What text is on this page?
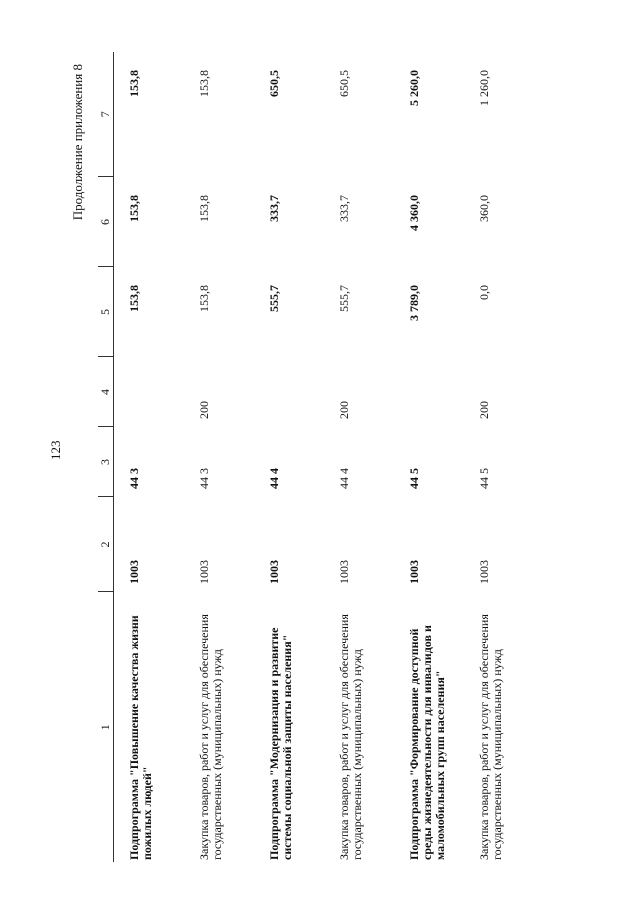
123
Продолжение приложения 8
1	2	3	4	5	6	7

Подпрограмма "Повышение качества жизни пожилых людей"	1003	44 3		153,8	153,8	153,8
Закупка товаров, работ и услуг для обеспечения государственных (муниципальных) нужд	1003	44 3	200	153,8	153,8	153,8
Подпрограмма "Модернизация и развитие системы социальной защиты населения"	1003	44 4		555,7	333,7	650,5
Закупка товаров, работ и услуг для обеспечения государственных (муниципальных) нужд	1003	44 4	200	555,7	333,7	650,5
Подпрограмма "Формирование доступной среды жизнедеятельности для инвалидов и маломобильных групп населения"	1003	44 5		3 789,0	4 360,0	5 260,0
Закупка товаров, работ и услуг для обеспечения государственных (муниципальных) нужд	1003	44 5	200	0,0	360,0	1 260,0
